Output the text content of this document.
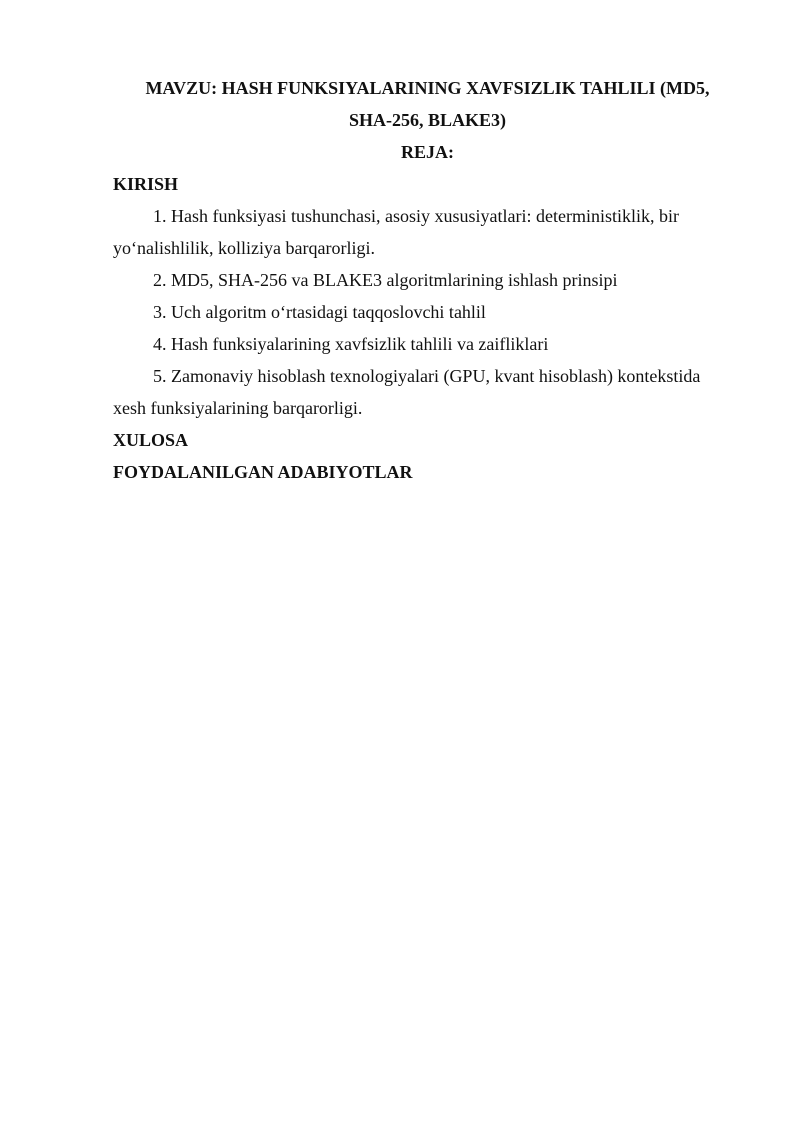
MAVZU: HASH FUNKSIYALARINING XAVFSIZLIK TAHLILI (MD5,
SHA-256, BLAKE3)

REJA:

KIRISH

1. Hash funksiyasi tushunchasi, asosiy xususiyatlari: deterministiklik, bir yo‘nalishlilik, kolliziya barqarorligi.

2. MD5, SHA-256 va BLAKE3 algoritmlarining ishlash prinsipi

3. Uch algoritm o‘rtasidagi taqqoslovchi tahlil

4. Hash funksiyalarining xavfsizlik tahlili va zaifliklari

5. Zamonaviy hisoblash texnologiyalari (GPU, kvant hisoblash) kontekstida xesh funksiyalarining barqarorligi.

XULOSA

FOYDALANILGAN ADABIYOTLAR
